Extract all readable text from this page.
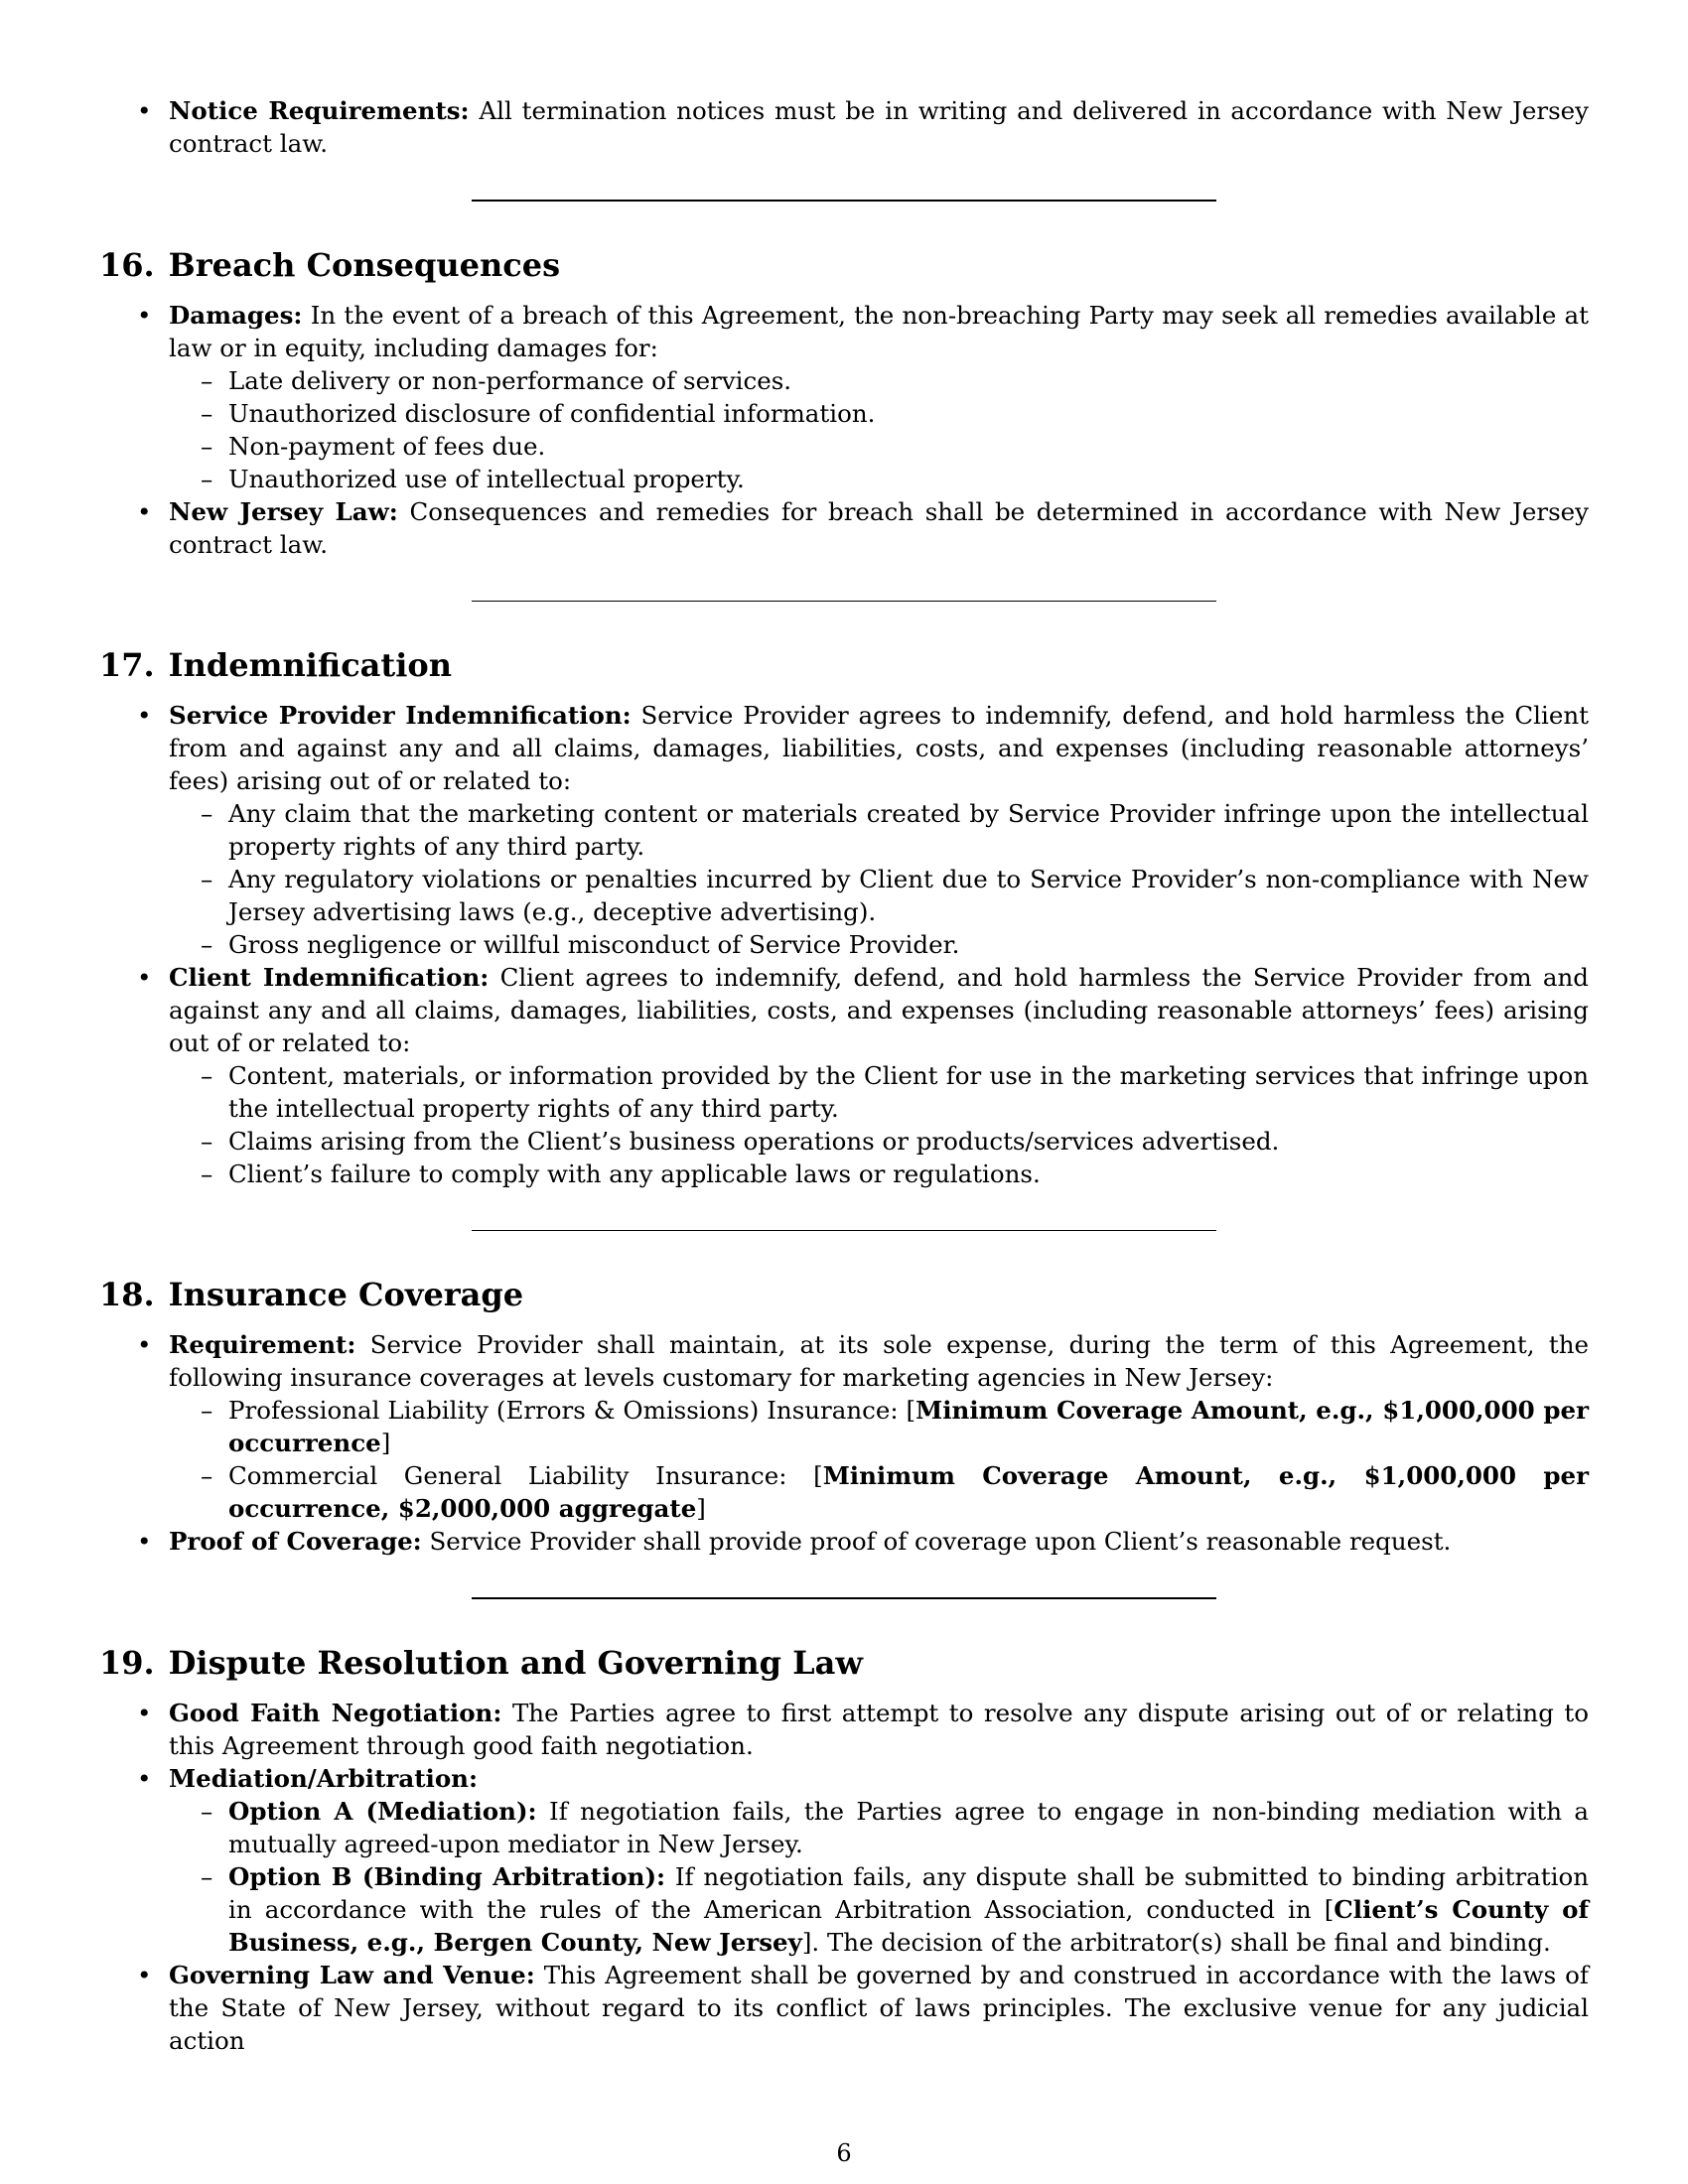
• Notice Requirements: All termination notices must be in writing and delivered in accordance with New Jersey contract law.
16. Breach Consequences
• Damages: In the event of a breach of this Agreement, the non-breaching Party may seek all remedies available at law or in equity, including damages for:
– Late delivery or non-performance of services.
– Unauthorized disclosure of confidential information.
– Non-payment of fees due.
– Unauthorized use of intellectual property.
• New Jersey Law: Consequences and remedies for breach shall be determined in accordance with New Jersey contract law.
17. Indemnification
• Service Provider Indemnification: Service Provider agrees to indemnify, defend, and hold harmless the Client from and against any and all claims, damages, liabilities, costs, and expenses (including reasonable attorneys’ fees) arising out of or related to:
– Any claim that the marketing content or materials created by Service Provider infringe upon the intellectual property rights of any third party.
– Any regulatory violations or penalties incurred by Client due to Service Provider’s non-compliance with New Jersey advertising laws (e.g., deceptive advertising).
– Gross negligence or willful misconduct of Service Provider.
• Client Indemnification: Client agrees to indemnify, defend, and hold harmless the Service Provider from and against any and all claims, damages, liabilities, costs, and expenses (including reasonable attorneys’ fees) arising out of or related to:
– Content, materials, or information provided by the Client for use in the marketing services that infringe upon the intellectual property rights of any third party.
– Claims arising from the Client’s business operations or products/services advertised.
– Client’s failure to comply with any applicable laws or regulations.
18. Insurance Coverage
• Requirement: Service Provider shall maintain, at its sole expense, during the term of this Agreement, the following insurance coverages at levels customary for marketing agencies in New Jersey:
– Professional Liability (Errors & Omissions) Insurance: [Minimum Coverage Amount, e.g., $1,000,000 per occurrence]
– Commercial General Liability Insurance: [Minimum Coverage Amount, e.g., $1,000,000 per occurrence, $2,000,000 aggregate]
• Proof of Coverage: Service Provider shall provide proof of coverage upon Client’s reasonable request.
19. Dispute Resolution and Governing Law
• Good Faith Negotiation: The Parties agree to first attempt to resolve any dispute arising out of or relating to this Agreement through good faith negotiation.
• Mediation/Arbitration:
– Option A (Mediation): If negotiation fails, the Parties agree to engage in non-binding mediation with a mutually agreed-upon mediator in New Jersey.
– Option B (Binding Arbitration): If negotiation fails, any dispute shall be submitted to binding arbitration in accordance with the rules of the American Arbitration Association, conducted in [Client’s County of Business, e.g., Bergen County, New Jersey]. The decision of the arbitrator(s) shall be final and binding.
• Governing Law and Venue: This Agreement shall be governed by and construed in accordance with the laws of the State of New Jersey, without regard to its conflict of laws principles. The exclusive venue for any judicial action
6
